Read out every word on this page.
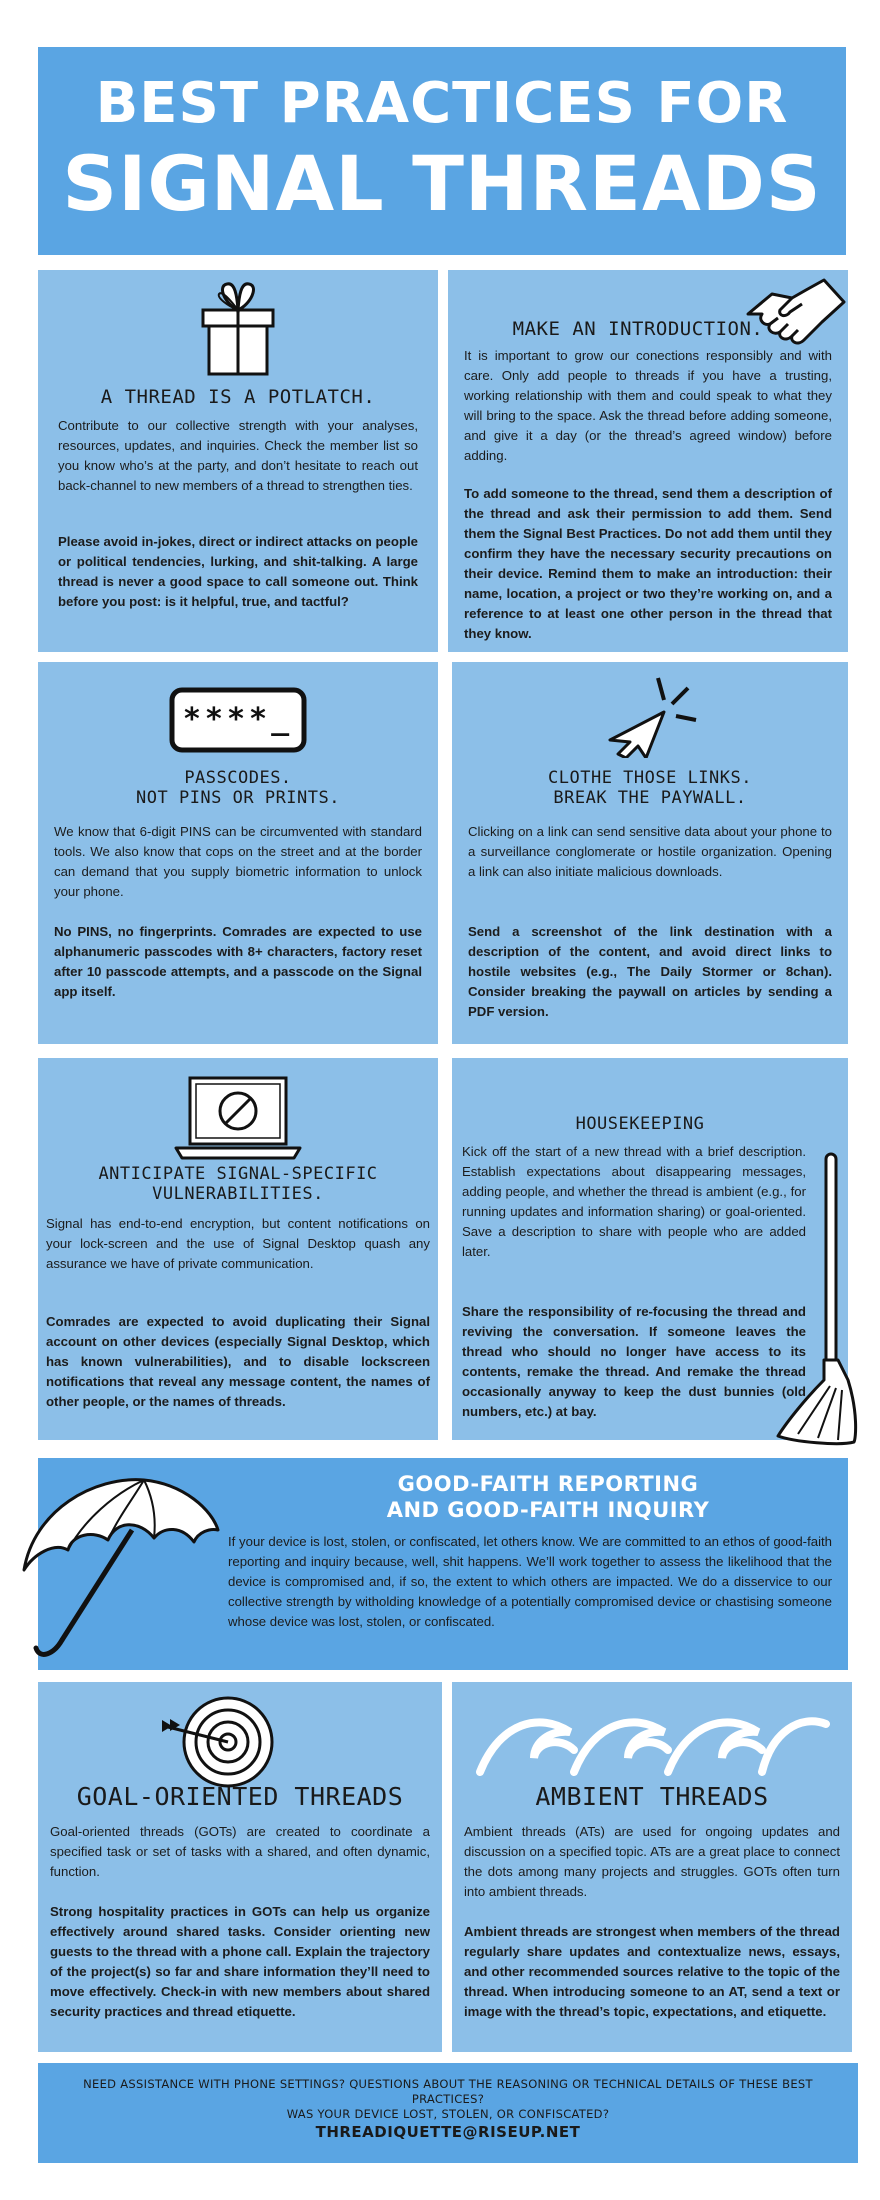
BEST PRACTICES FOR
SIGNAL THREADS
A THREAD IS A POTLATCH.
Contribute to our collective strength with your analyses, resources, updates, and inquiries. Check the member list so you know who’s at the party, and don’t hesitate to reach out back-channel to new members of a thread to strengthen ties.
Please avoid in-jokes, direct or indirect attacks on people or political tendencies, lurking, and shit-talking. A large thread is never a good space to call someone out. Think before you post: is it helpful, true, and tactful?
MAKE AN INTRODUCTION.
It is important to grow our conections responsibly and with care. Only add people to threads if you have a trusting, working relationship with them and could speak to what they will bring to the space. Ask the thread before adding someone, and give it a day (or the thread’s agreed window) before adding.
To add someone to the thread, send them a description of the thread and ask their permission to add them. Send them the Signal Best Practices. Do not add them until they confirm they have the necessary security precautions on their device. Remind them to make an introduction: their name, location, a project or two they’re working on, and a reference to at least one other person in the thread that they know.
****_
PASSCODES.
NOT PINS OR PRINTS.
We know that 6-digit PINS can be circumvented with standard tools. We also know that cops on the street and at the border can demand that you supply biometric information to unlock your phone.
No PINS, no fingerprints. Comrades are expected to use alphanumeric passcodes with 8+ characters, factory reset after 10 passcode attempts, and a passcode on the Signal app itself.
CLOTHE THOSE LINKS.
BREAK THE PAYWALL.
Clicking on a link can send sensitive data about your phone to a surveillance conglomerate or hostile organization. Opening a link can also initiate malicious downloads.
Send a screenshot of the link destination with a description of the content, and avoid direct links to hostile websites (e.g., The Daily Stormer or 8chan). Consider breaking the paywall on articles by sending a PDF version.
ANTICIPATE SIGNAL-SPECIFIC
VULNERABILITIES.
Signal has end-to-end encryption, but content notifications on your lock-screen and the use of Signal Desktop quash any assurance we have of private communication.
Comrades are expected to avoid duplicating their Signal account on other devices (especially Signal Desktop, which has known vulnerabilities), and to disable lockscreen notifications that reveal any message content, the names of other people, or the names of threads.
HOUSEKEEPING
Kick off the start of a new thread with a brief description. Establish expectations about disappearing messages, adding people, and whether the thread is ambient (e.g., for running updates and information sharing) or goal-oriented. Save a description to share with people who are added later.
Share the responsibility of re-focusing the thread and reviving the conversation. If someone leaves the thread who should no longer have access to its contents, remake the thread. And remake the thread occasionally anyway to keep the dust bunnies (old numbers, etc.) at bay.
GOOD-FAITH REPORTING
AND GOOD-FAITH INQUIRY
If your device is lost, stolen, or confiscated, let others know. We are committed to an ethos of good-faith reporting and inquiry because, well, shit happens. We’ll work together to assess the likelihood that the device is compromised and, if so, the extent to which others are impacted. We do a disservice to our collective strength by witholding knowledge of a potentially compromised device or chastising someone whose device was lost, stolen, or confiscated.
GOAL-ORIENTED THREADS
Goal-oriented threads (GOTs) are created to coordinate a specified task or set of tasks with a shared, and often dynamic, function.
Strong hospitality practices in GOTs can help us organize effectively around shared tasks. Consider orienting new guests to the thread with a phone call. Explain the trajectory of the project(s) so far and share information they’ll need to move effectively. Check-in with new members about shared security practices and thread etiquette.
AMBIENT THREADS
Ambient threads (ATs) are used for ongoing updates and discussion on a specified topic. ATs are a great place to connect the dots among many projects and struggles. GOTs often turn into ambient threads.
Ambient threads are strongest when members of the thread regularly share updates and contextualize news, essays, and other recommended sources relative to the topic of the thread. When introducing someone to an AT, send a text or image with the thread’s topic, expectations, and etiquette.
NEED ASSISTANCE WITH PHONE SETTINGS? QUESTIONS ABOUT THE REASONING OR TECHNICAL DETAILS OF THESE BEST PRACTICES?
WAS YOUR DEVICE LOST, STOLEN, OR CONFISCATED?
THREADIQUETTE@RISEUP.NET
